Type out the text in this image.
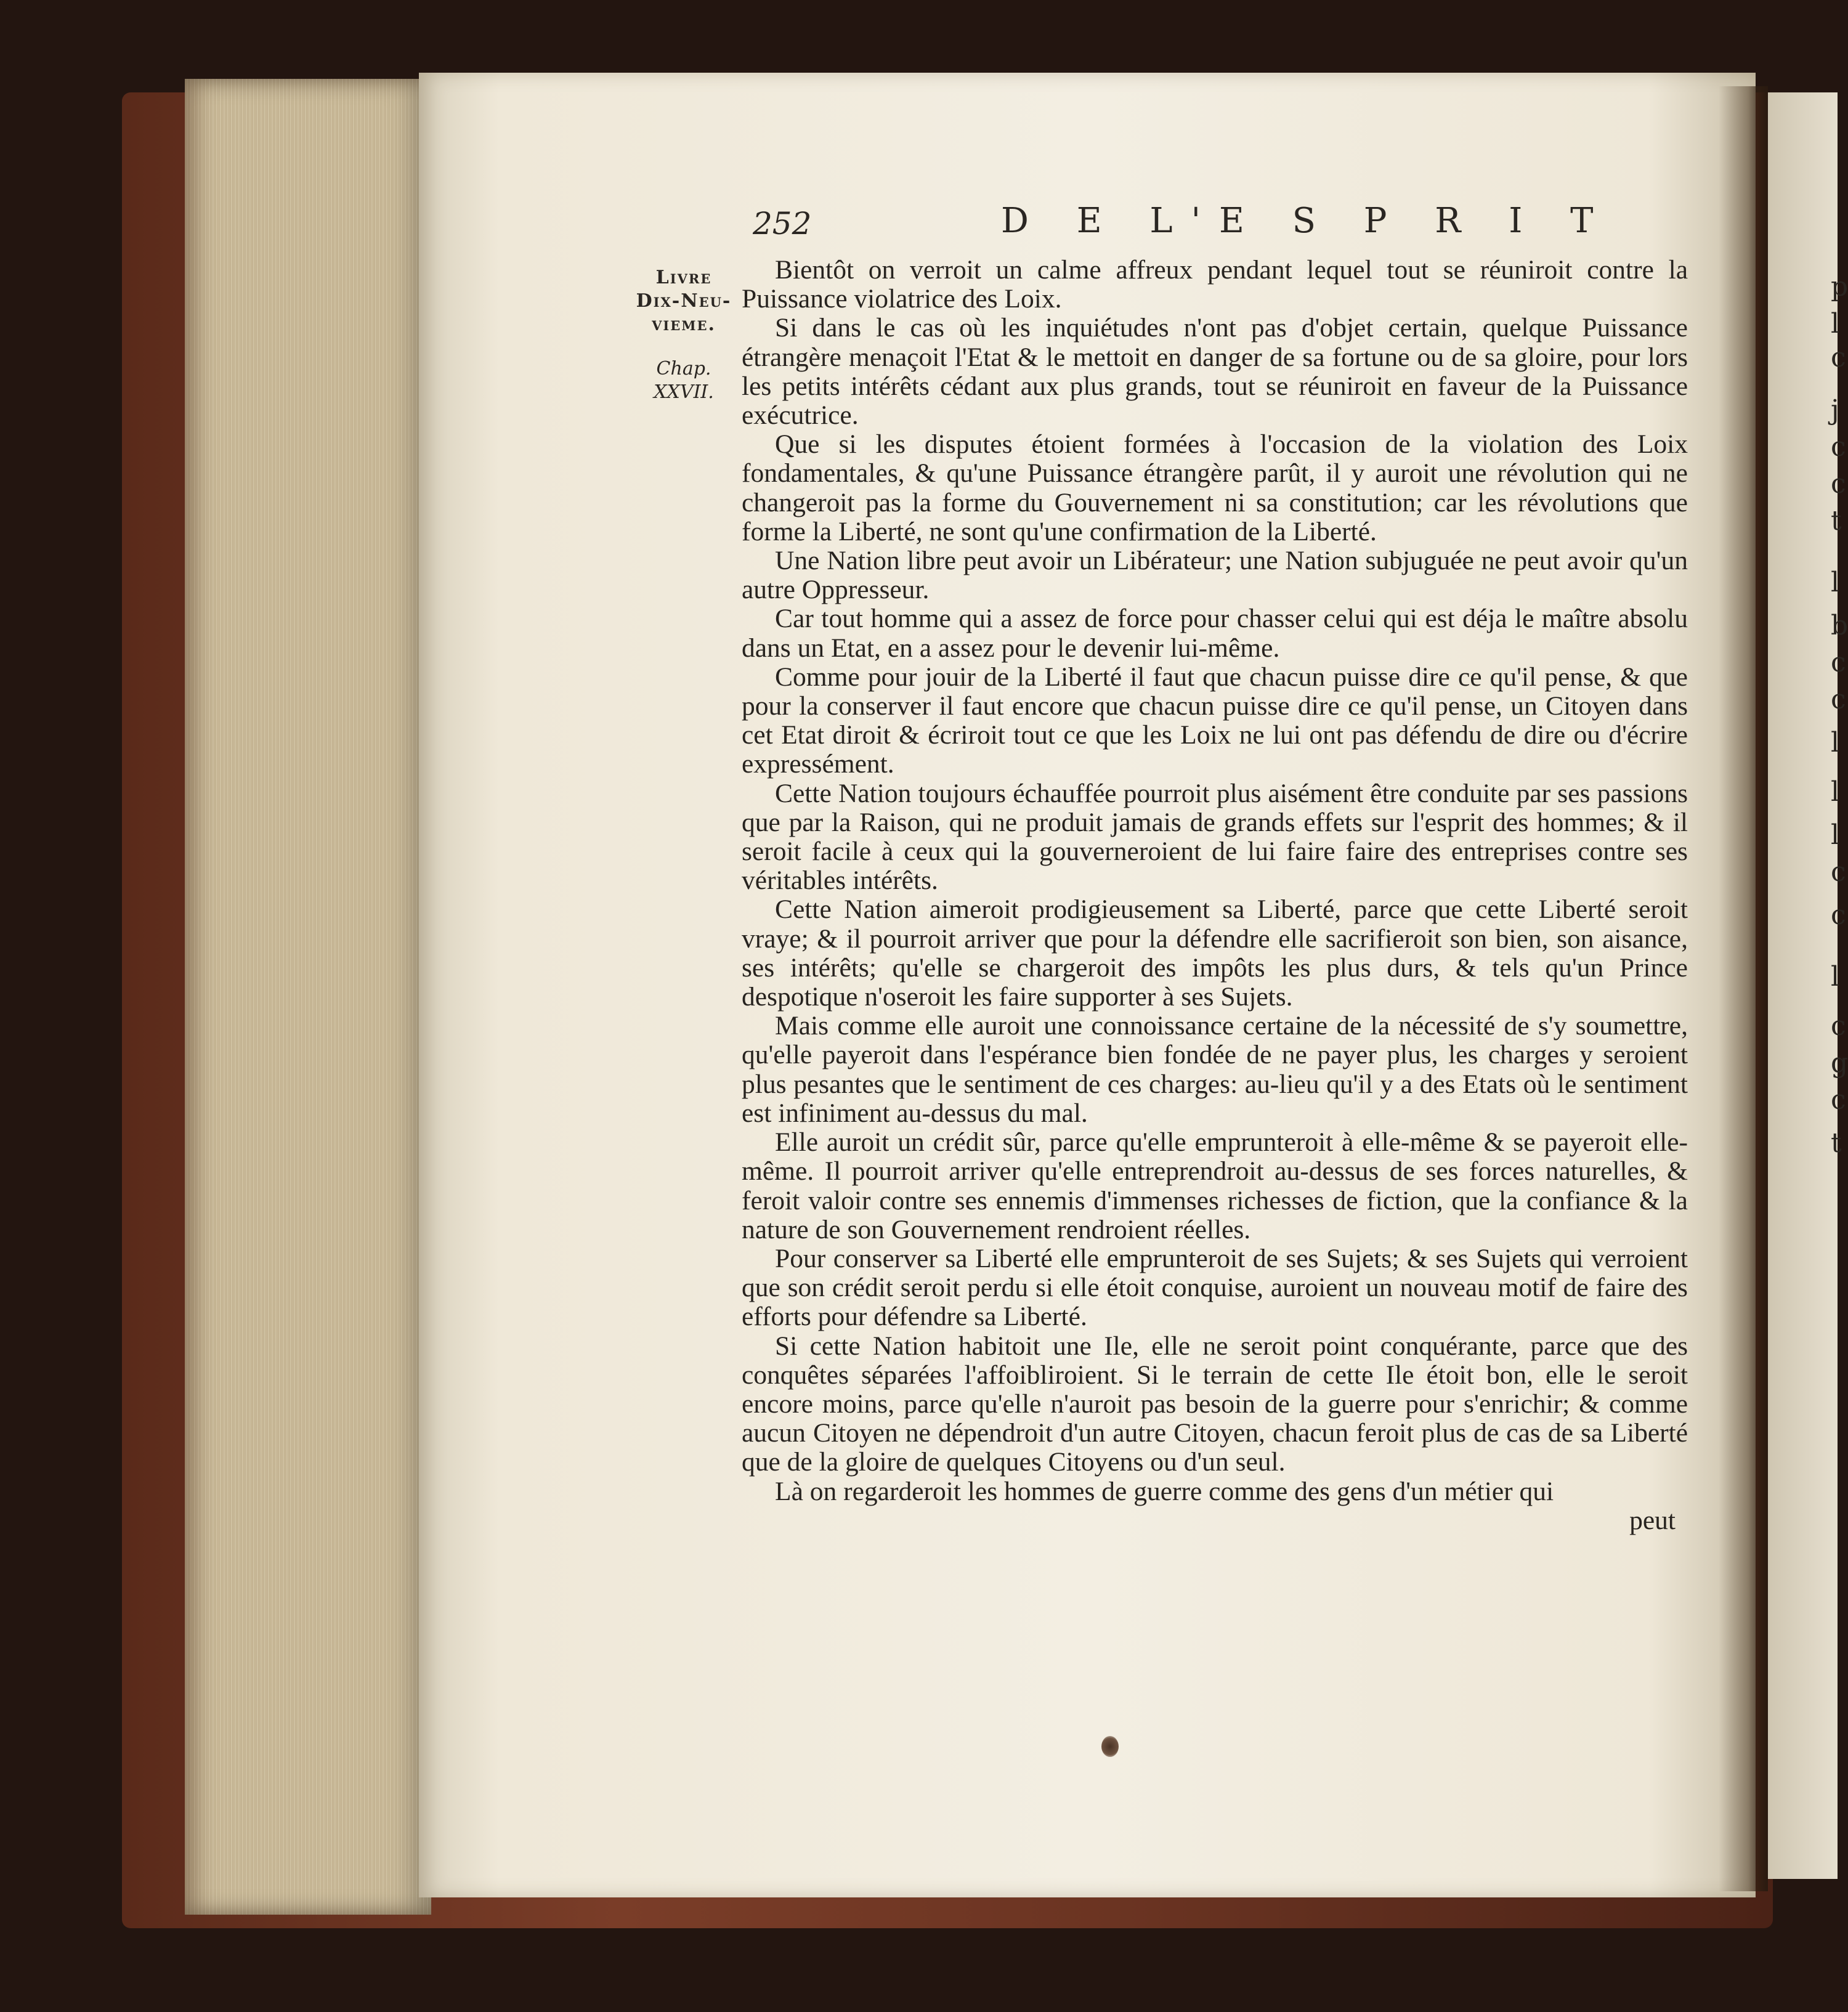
p
l
c
j
c
c
t
l
b
c
c
l
l
l
c
c
l
c
g
c
t
252	D E L'E S P R I T
Livre
Dix-Neu-
vieme.
Chap.
XXVII.

Bientôt on verroit un calme affreux pendant lequel tout se réuniroit contre la Puissance violatrice des Loix.

Si dans le cas où les inquiétudes n'ont pas d'objet certain, quelque Puissance étrangère menaçoit l'Etat & le mettoit en danger de sa fortune ou de sa gloire, pour lors les petits intérêts cédant aux plus grands, tout se réuniroit en faveur de la Puissance exécutrice.

Que si les disputes étoient formées à l'occasion de la violation des Loix fondamentales, & qu'une Puissance étrangère parût, il y auroit une révolution qui ne changeroit pas la forme du Gouvernement ni sa constitution; car les révolutions que forme la Liberté, ne sont qu'une confirmation de la Liberté.

Une Nation libre peut avoir un Libérateur; une Nation subjuguée ne peut avoir qu'un autre Oppresseur.

Car tout homme qui a assez de force pour chasser celui qui est déja le maître absolu dans un Etat, en a assez pour le devenir lui-même.

Comme pour jouir de la Liberté il faut que chacun puisse dire ce qu'il pense, & que pour la conserver il faut encore que chacun puisse dire ce qu'il pense, un Citoyen dans cet Etat diroit & écriroit tout ce que les Loix ne lui ont pas défendu de dire ou d'écrire expressément.

Cette Nation toujours échauffée pourroit plus aisément être conduite par ses passions que par la Raison, qui ne produit jamais de grands effets sur l'esprit des hommes; & il seroit facile à ceux qui la gouverneroient de lui faire faire des entreprises contre ses véritables intérêts.

Cette Nation aimeroit prodigieusement sa Liberté, parce que cette Liberté seroit vraye; & il pourroit arriver que pour la défendre elle sacrifieroit son bien, son aisance, ses intérêts; qu'elle se chargeroit des impôts les plus durs, & tels qu'un Prince despotique n'oseroit les faire supporter à ses Sujets.

Mais comme elle auroit une connoissance certaine de la nécessité de s'y soumettre, qu'elle payeroit dans l'espérance bien fondée de ne payer plus, les charges y seroient plus pesantes que le sentiment de ces charges: au-lieu qu'il y a des Etats où le sentiment est infiniment au-dessus du mal.

Elle auroit un crédit sûr, parce qu'elle emprunteroit à elle-même & se payeroit elle-même. Il pourroit arriver qu'elle entreprendroit au-dessus de ses forces naturelles, & feroit valoir contre ses ennemis d'immenses richesses de fiction, que la confiance & la nature de son Gouvernement rendroient réelles.

Pour conserver sa Liberté elle emprunteroit de ses Sujets; & ses Sujets qui verroient que son crédit seroit perdu si elle étoit conquise, auroient un nouveau motif de faire des efforts pour défendre sa Liberté.

Si cette Nation habitoit une Ile, elle ne seroit point conquérante, parce que des conquêtes séparées l'affoibliroient. Si le terrain de cette Ile étoit bon, elle le seroit encore moins, parce qu'elle n'auroit pas besoin de la guerre pour s'enrichir; & comme aucun Citoyen ne dépendroit d'un autre Citoyen, chacun feroit plus de cas de sa Liberté que de la gloire de quelques Citoyens ou d'un seul.

Là on regarderoit les hommes de guerre comme des gens d'un métier qui

peut
